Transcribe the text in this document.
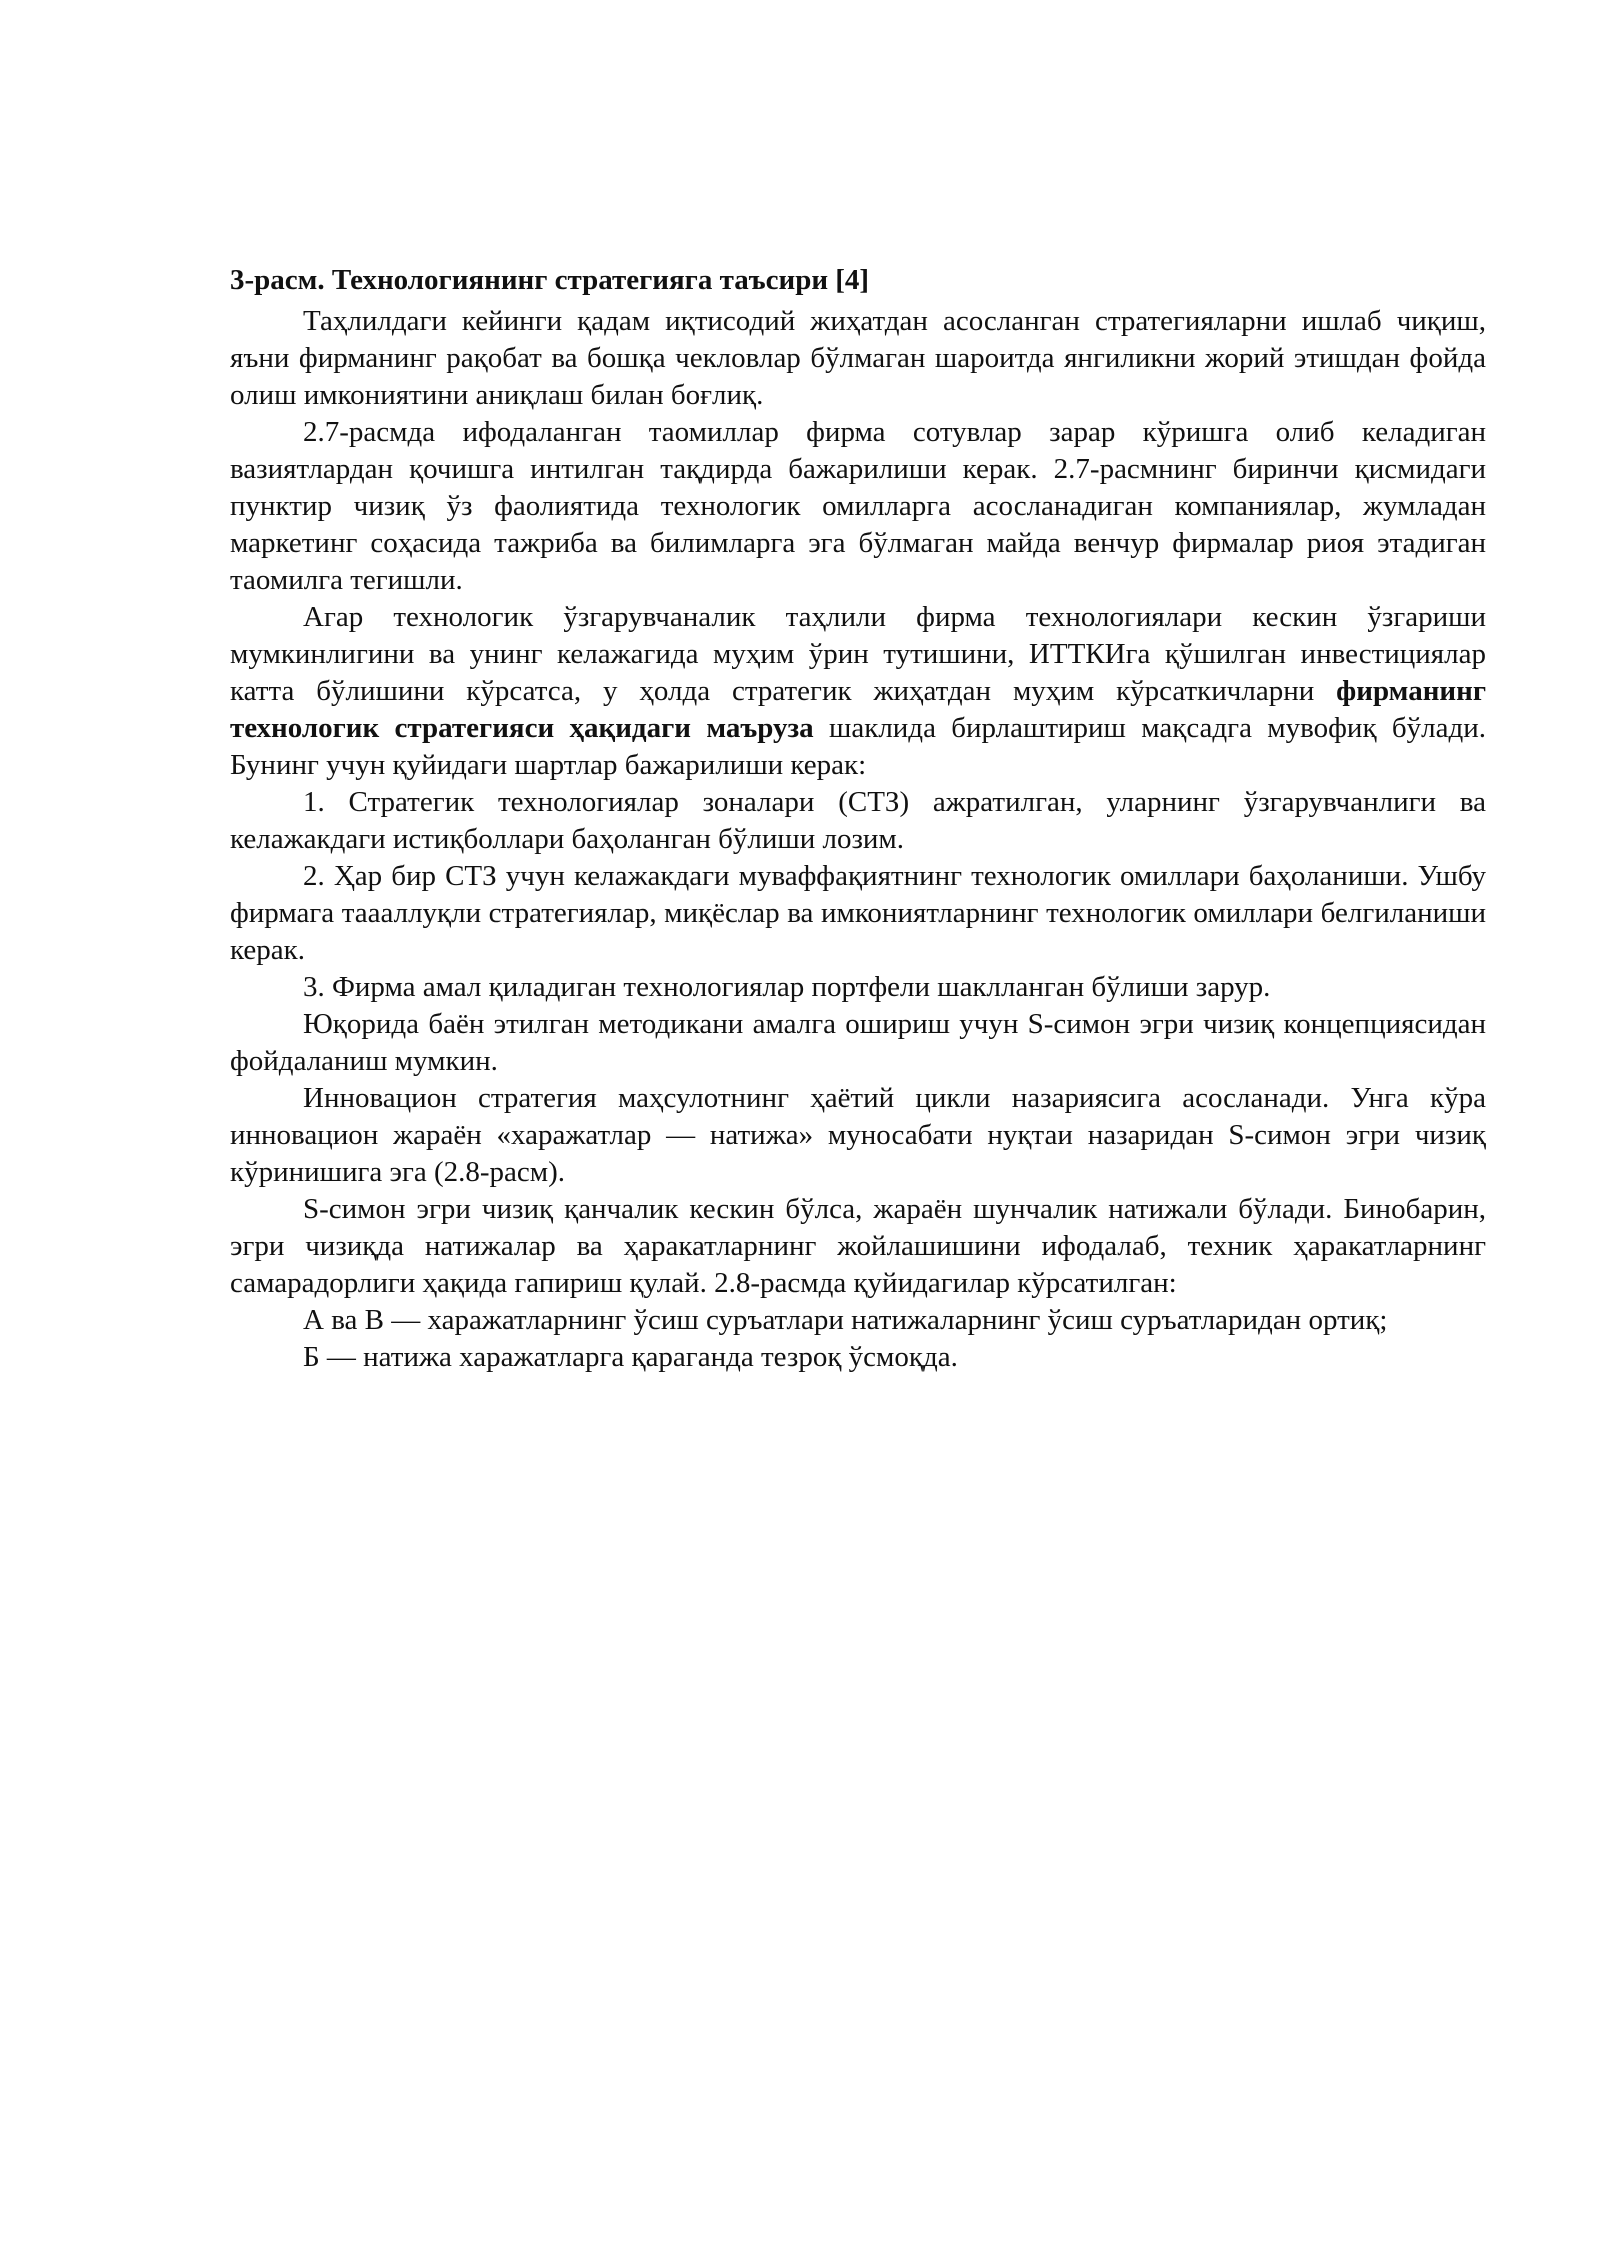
3-расм. Технологиянинг стратегияга таъсири [4]

Таҳлилдаги кейинги қадам иқтисодий жиҳатдан асосланган стратегияларни ишлаб чиқиш, яъни фирманинг рақобат ва бошқа чекловлар бўлмаган шароитда янгиликни жорий этишдан фойда олиш имкониятини аниқлаш билан боғлиқ.

2.7-расмда ифодаланган таомиллар фирма сотувлар зарар кўришга олиб келадиган вазиятлардан қочишга интилган тақдирда бажарилиши керак. 2.7-расмнинг биринчи қисмидаги пунктир чизиқ ўз фаолиятида технологик омилларга асосланадиган компаниялар, жумладан маркетинг соҳасида тажриба ва билимларга эга бўлмаган майда венчур фирмалар риоя этадиган таомилга тегишли.

Агар технологик ўзгарувчаналик таҳлили фирма технологиялари кескин ўзгариши мумкинлигини ва унинг келажагида муҳим ўрин тутишини, ИТТКИга қўшилган инвестициялар катта бўлишини кўрсатса, у ҳолда стратегик жиҳатдан муҳим кўрсаткичларни фирманинг технологик стратегияси ҳақидаги маъруза шаклида бирлаштириш мақсадга мувофиқ бўлади. Бунинг учун қуйидаги шартлар бажарилиши керак:

1. Стратегик технологиялар зоналари (СТЗ) ажратилган, уларнинг ўзгарувчанлиги ва келажакдаги истиқболлари баҳоланган бўлиши лозим.

2. Ҳар бир СТЗ учун келажакдаги муваффақиятнинг технологик омиллари баҳоланиши. Ушбу фирмага таааллуқли стратегиялар, миқёслар ва имкониятларнинг технологик омиллари белгиланиши керак.

3. Фирма амал қиладиган технологиялар портфели шаклланган бўлиши зарур.

Юқорида баён этилган методикани амалга ошириш учун S-симон эгри чизиқ концепциясидан фойдаланиш мумкин.

Инновацион стратегия маҳсулотнинг ҳаётий цикли назариясига асосланади. Унга кўра инновацион жараён «харажатлар — натижа» муносабати нуқтаи назаридан S-симон эгри чизиқ кўринишига эга (2.8-расм).

S-симон эгри чизиқ қанчалик кескин бўлса, жараён шунчалик натижали бўлади. Бинобарин, эгри чизиқда натижалар ва ҳаракатларнинг жойлашишини ифодалаб, техник ҳаракатларнинг самарадорлиги ҳақида гапириш қулай. 2.8-расмда қуйидагилар кўрсатилган:

А ва В — харажатларнинг ўсиш суръатлари натижаларнинг ўсиш суръатларидан ортиқ;

Б — натижа харажатларга қараганда тезроқ ўсмоқда.
